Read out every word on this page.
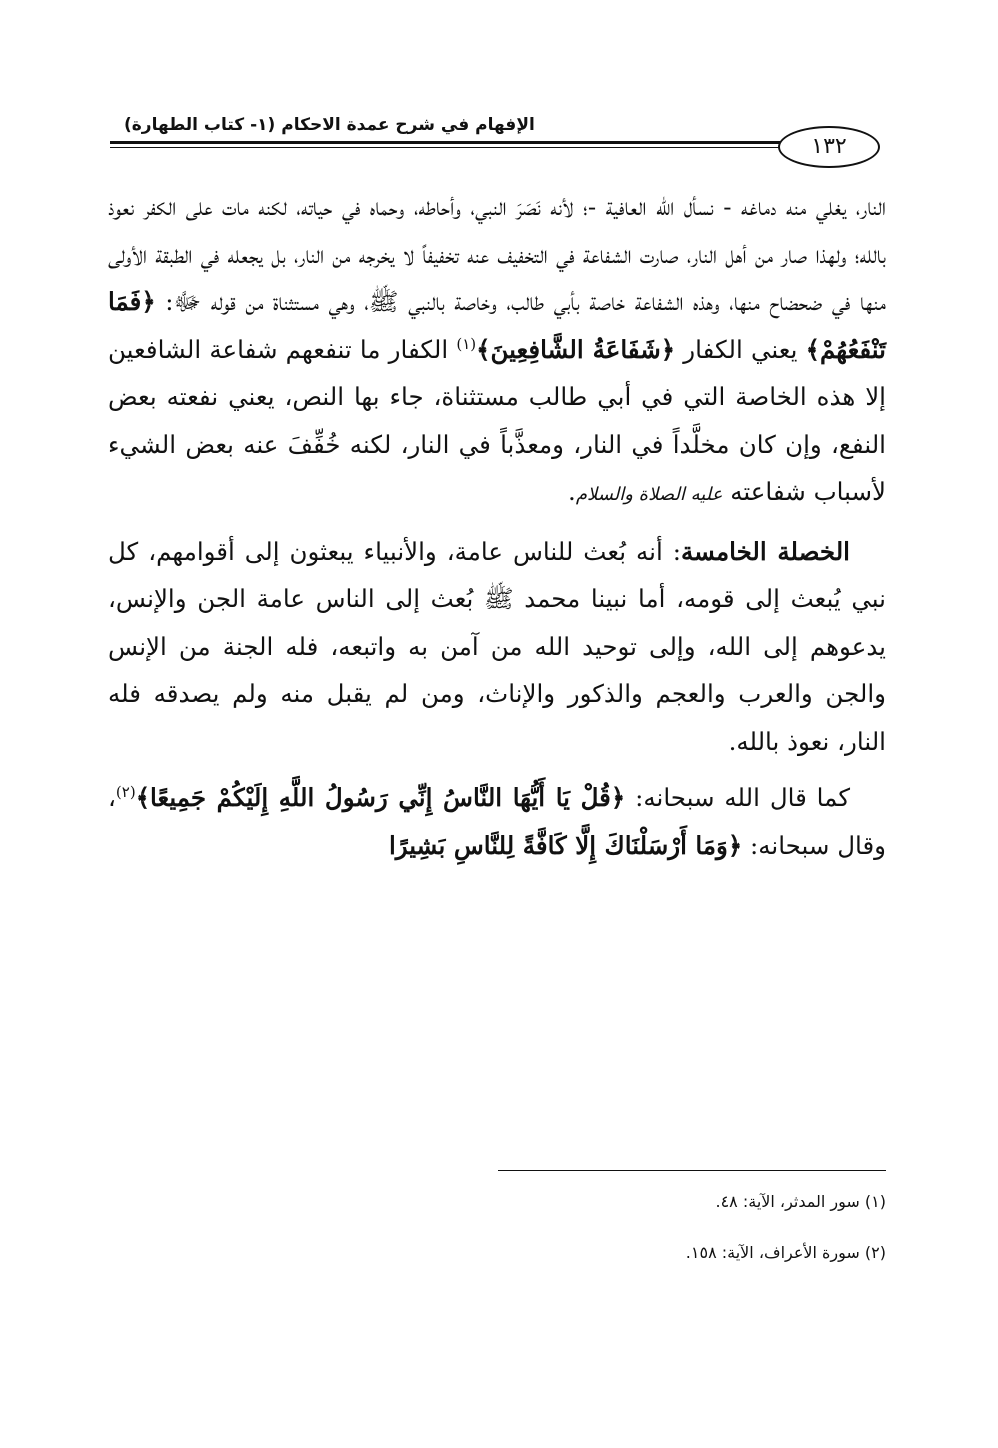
الإفهام في شرح عمدة الاحكام (١- كتاب الطهارة)
١٣٢

النار، يغلي منه دماغه - نسأل الله العافية -؛ لأنه نَصَرَ النبي، وأحاطه، وحماه في حياته، لكنه مات على الكفر نعوذ بالله؛ ولهذا صار من أهل النار، صارت الشفاعة في التخفيف عنه تخفيفاً لا يخرجه من النار، بل يجعله في الطبقة الأولى منها في ضحضاح منها، وهذه الشفاعة خاصة بأبي طالب، وخاصة بالنبي ﷺ، وهي مستثناة من قوله ﷻ: ﴿فَمَا تَنْفَعُهُمْ﴾ يعني الكفار ﴿شَفَاعَةُ الشَّافِعِينَ﴾$^{(١)}$ الكفار ما تنفعهم شفاعة الشافعين إلا هذه الخاصة التي في أبي طالب مستثناة، جاء بها النص، يعني نفعته بعض النفع، وإن كان مخلَّداً في النار، ومعذَّباً في النار، لكنه خُفِّفَ عنه بعض الشيء لأسباب شفاعته عليه الصلاة والسلام.

الخصلة الخامسة: أنه بُعث للناس عامة، والأنبياء يبعثون إلى أقوامهم، كل نبي يُبعث إلى قومه، أما نبينا محمد ﷺ بُعث إلى الناس عامة الجن والإنس، يدعوهم إلى الله، وإلى توحيد الله من آمن به واتبعه، فله الجنة من الإنس والجن والعرب والعجم والذكور والإناث، ومن لم يقبل منه ولم يصدقه فله النار، نعوذ بالله.

كما قال الله سبحانه: ﴿قُلْ يَا أَيُّهَا النَّاسُ إِنِّي رَسُولُ اللَّهِ إِلَيْكُمْ جَمِيعًا﴾$^{(٢)}$، وقال سبحانه: ﴿وَمَا أَرْسَلْنَاكَ إِلَّا كَافَّةً لِلنَّاسِ بَشِيرًا

(١) سور المدثر، الآية: ٤٨.

(٢) سورة الأعراف، الآية: ١٥٨.
